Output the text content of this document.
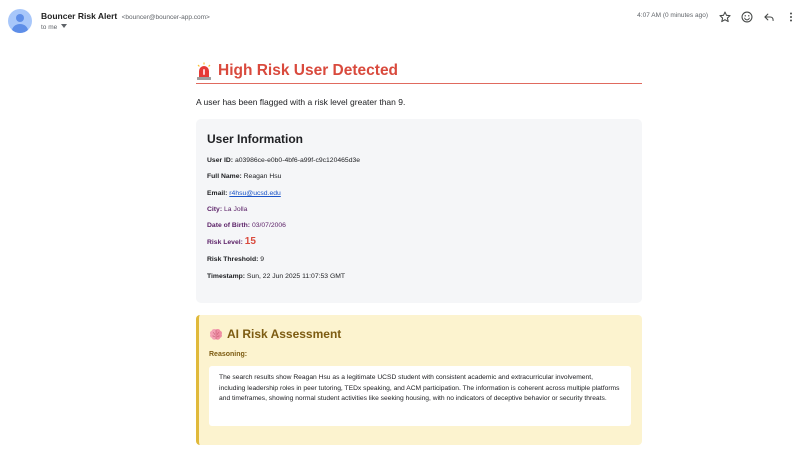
Bouncer Risk Alert <bouncer@bouncer-app.com>
to me
4:07 AM (0 minutes ago)
High Risk User Detected
A user has been flagged with a risk level greater than 9.
User Information
User ID: a03986ce-e0b0-4bf6-a99f-c9c120465d3e
Full Name: Reagan Hsu
Email: r4hsu@ucsd.edu
City: La Jolla
Date of Birth: 03/07/2006
Risk Level: 15
Risk Threshold: 9
Timestamp: Sun, 22 Jun 2025 11:07:53 GMT
AI Risk Assessment
Reasoning:
The search results show Reagan Hsu as a legitimate UCSD student with consistent academic and extracurricular involvement, including leadership roles in peer tutoring, TEDx speaking, and ACM participation. The information is coherent across multiple platforms and timeframes, showing normal student activities like seeking housing, with no indicators of deceptive behavior or security threats.
